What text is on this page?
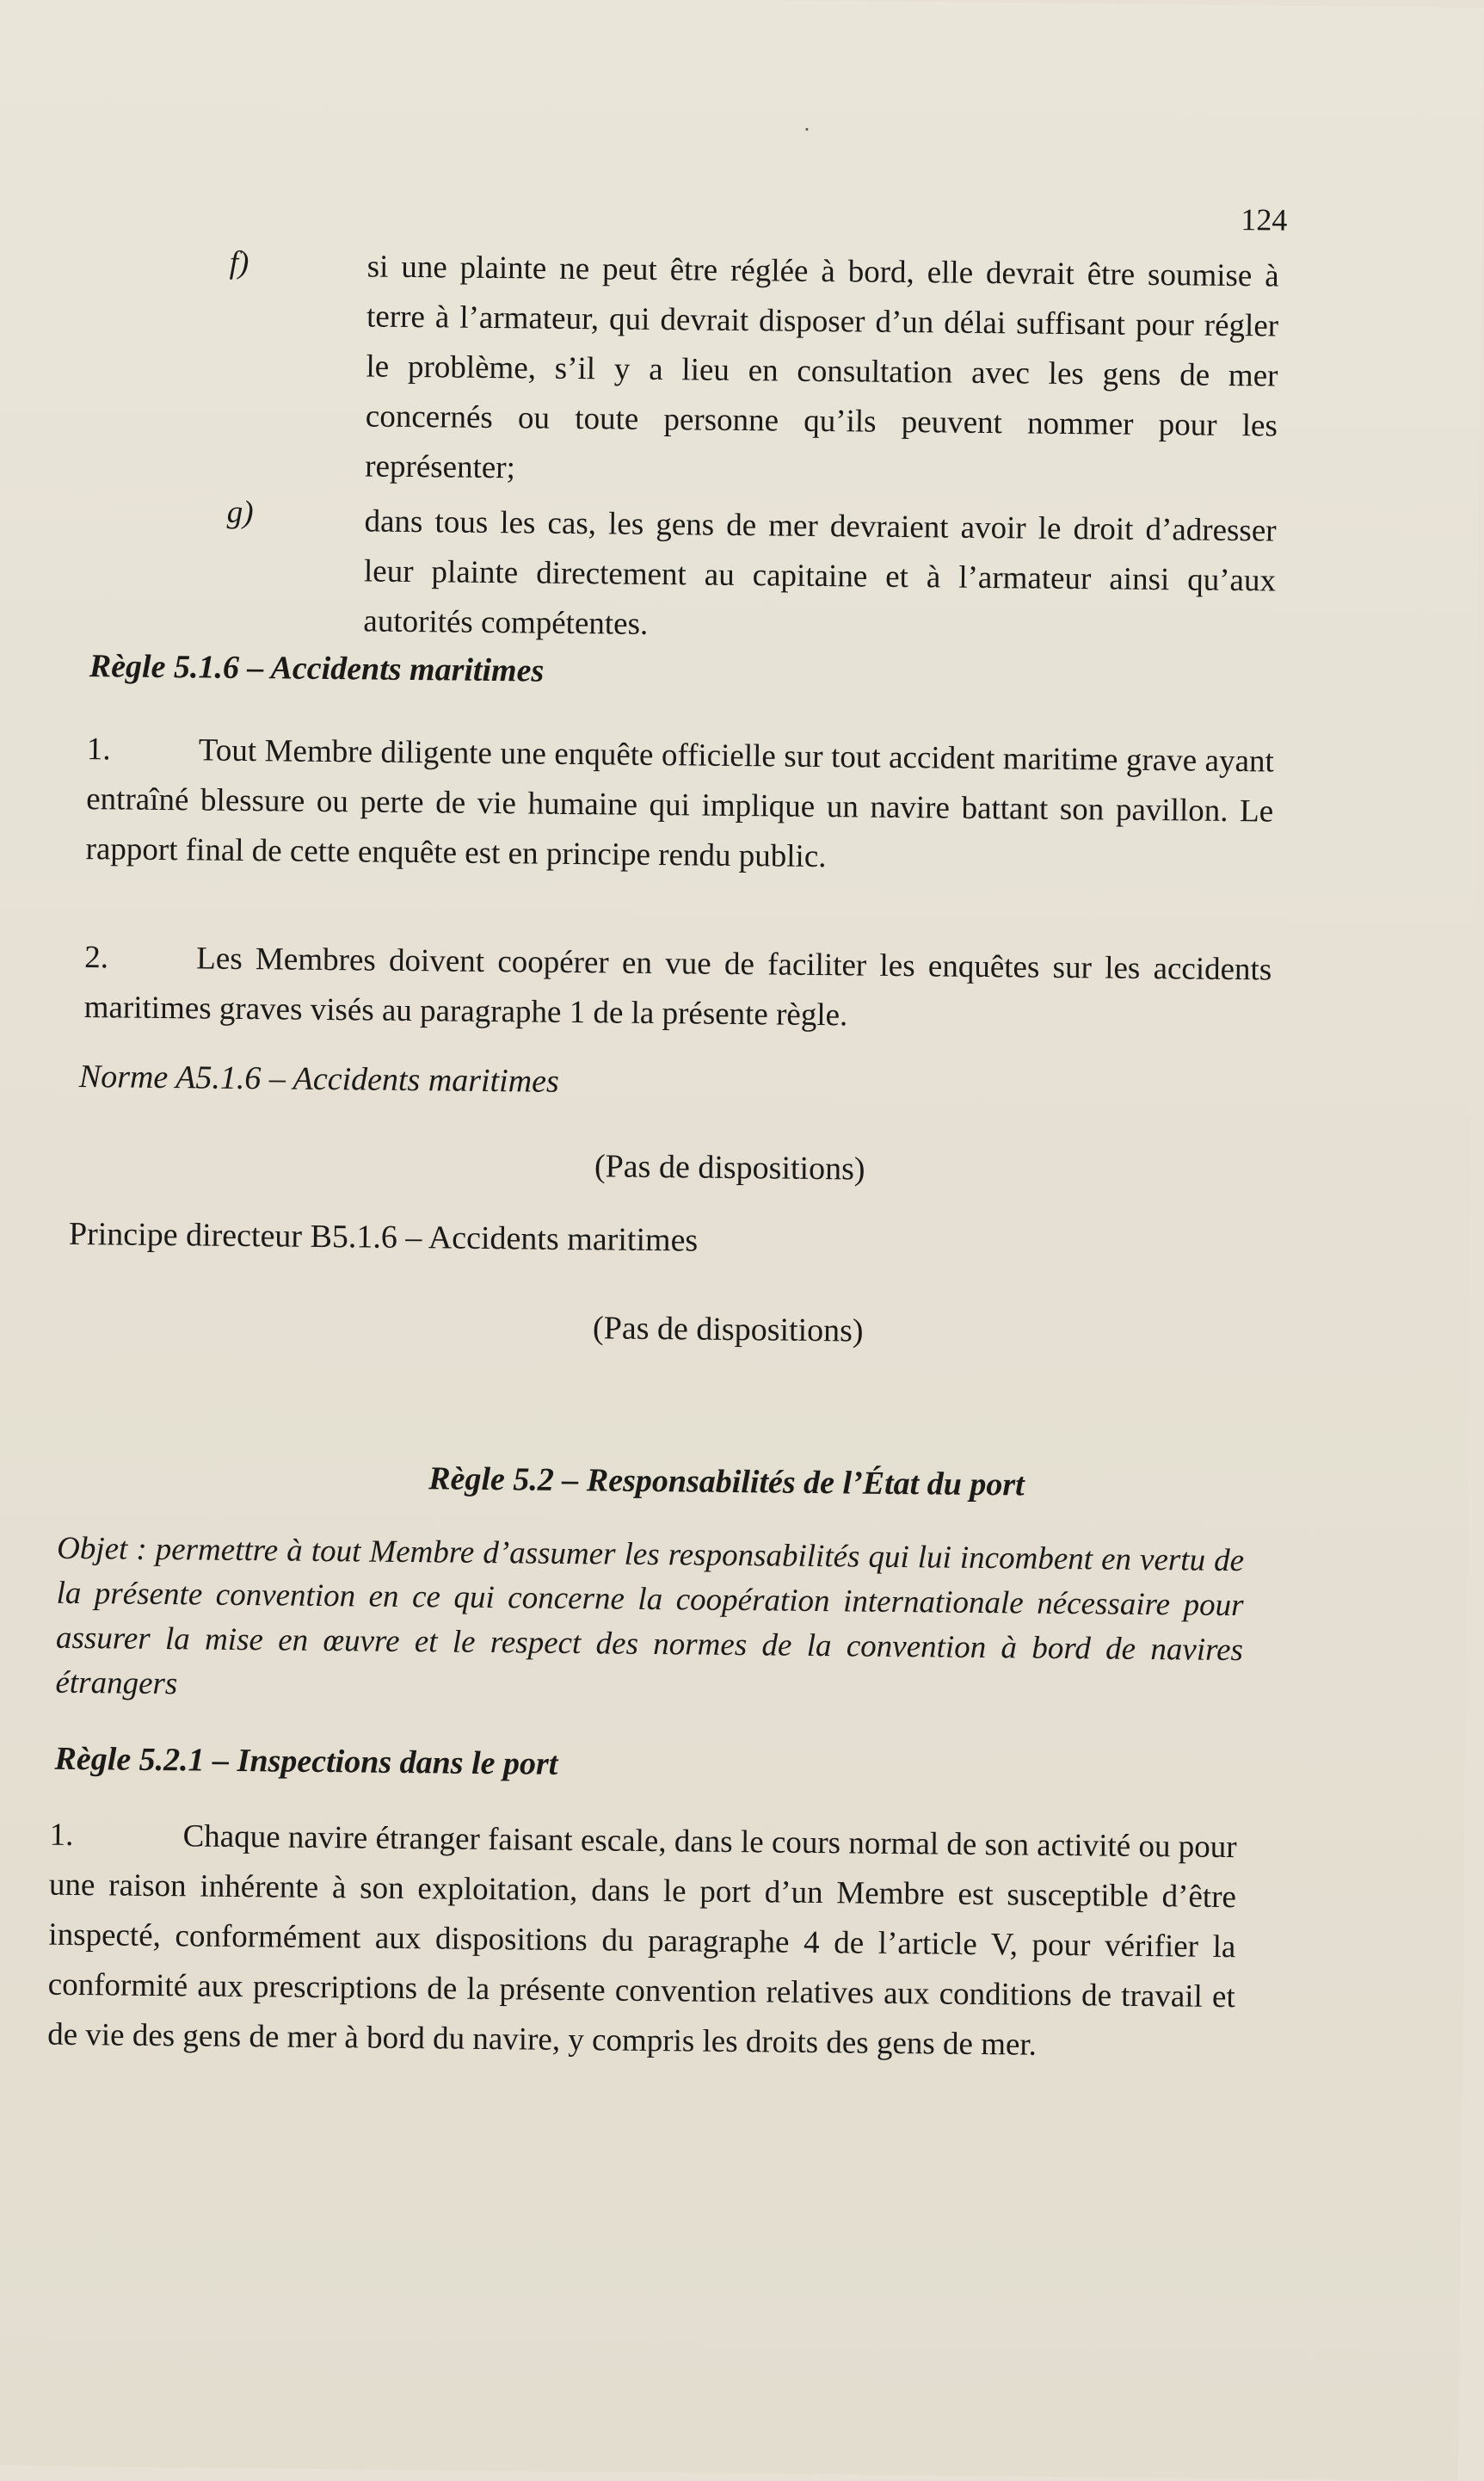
124
f)	si une plainte ne peut être réglée à bord, elle devrait être soumise à terre à l’armateur, qui devrait disposer d’un délai suffisant pour régler le problème, s’il y a lieu en consultation avec les gens de mer concernés ou toute personne qu’ils peuvent nommer pour les représenter;
g)	dans tous les cas, les gens de mer devraient avoir le droit d’adresser leur plainte directement au capitaine et à l’armateur ainsi qu’aux autorités compétentes.
Règle 5.1.6 – Accidents maritimes
1.	Tout Membre diligente une enquête officielle sur tout accident maritime grave ayant entraîné blessure ou perte de vie humaine qui implique un navire battant son pavillon. Le rapport final de cette enquête est en principe rendu public.
2.	Les Membres doivent coopérer en vue de faciliter les enquêtes sur les accidents maritimes graves visés au paragraphe 1 de la présente règle.
Norme A5.1.6 – Accidents maritimes
(Pas de dispositions)
Principe directeur B5.1.6 – Accidents maritimes
(Pas de dispositions)
Règle 5.2 – Responsabilités de l’État du port
Objet : permettre à tout Membre d’assumer les responsabilités qui lui incombent en vertu de la présente convention en ce qui concerne la coopération internationale nécessaire pour assurer la mise en œuvre et le respect des normes de la convention à bord de navires étrangers
Règle 5.2.1 – Inspections dans le port
1.	Chaque navire étranger faisant escale, dans le cours normal de son activité ou pour une raison inhérente à son exploitation, dans le port d’un Membre est susceptible d’être inspecté, conformément aux dispositions du paragraphe 4 de l’article V, pour vérifier la conformité aux prescriptions de la présente convention relatives aux conditions de travail et de vie des gens de mer à bord du navire, y compris les droits des gens de mer.
